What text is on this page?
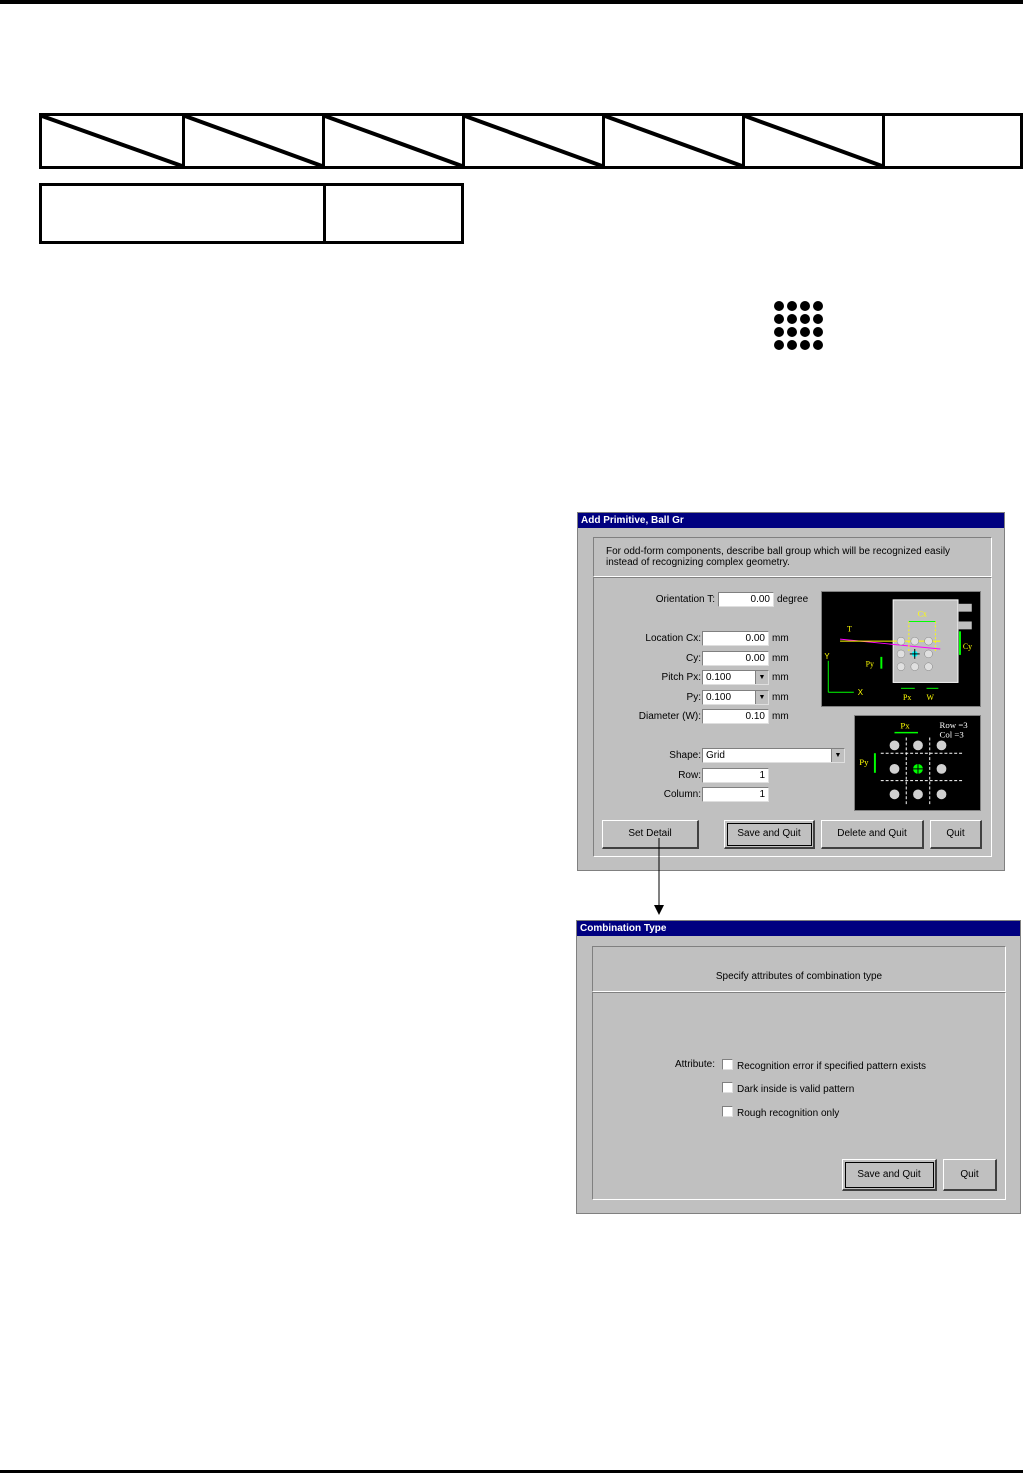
Add Primitive, Ball Gr
For odd-form components, describe ball group which will be recognized easily instead of recognizing complex geometry.
Orientation T:	0.00 degree
Location Cx:	0.00 mm
Cy:	0.00 mm
Pitch Px: 0.100	▼ mm
Py: 0.100	▼ mm
Diameter (W):	0.10 mm
Shape: Grid	▼
Row:	1
Column:	1
T
Cx
Cy
Py
Px W
Y
X
Px
Py
Row =3
Col =3
Set Detail	Save and Quit	Delete and Quit	Quit
Combination Type
Specify attributes of combination type
Attribute:	Recognition error if specified pattern exists
Dark inside is valid pattern
Rough recognition only
Save and Quit	Quit
